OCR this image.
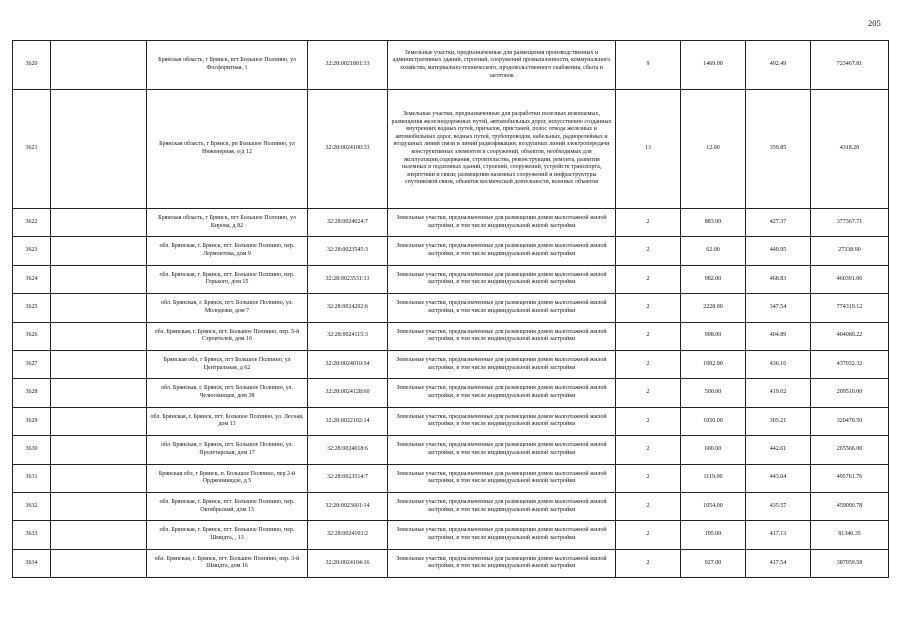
205
3620		Брянская область, г Брянск, пгт Большое Полпино, ул Фосфоритная, 1	32:28:0021801:33	Земельные участки, предназначенные для размещения производственных и административных зданий, строений, сооружений промышленности, коммунального хозяйства, материально-технического, продовольственного снабжения, сбыта и заготовок	9	1469.00	492.49	723467.81
3621		Брянская область, г Брянск, рп Большое Полпино, ул Инженерная, о/д 12	32:28:0024100:33	Земельные участки, предназначенные для разработки полезных ископаемых, размещения железнодорожных путей, автомобильных дорог, искусственно созданных внутренних водных путей, причалов, пристаней, полос отвода железных и автомобильных дорог, водных путей, трубопроводов, кабельных, радиорелейных и воздушных линий связи и линий радиофикации, воздушных линий электропередачи конструктивных элементов и сооружений, объектов, необходимых для эксплуатации,содержания, строительства, реконструкции, ремонта, развития наземных и подземных зданий, строений, сооружений, устройств транспорта, энергетики и связи; размещения наземных сооружений и инфраструктуры спутниковой связи, объектов космической деятельности, военных объектов	13	12.00	359.85	4318.20
3622		Брянская область, г Брянск, пгт Большое Полпино, ул Кирова, д 82	32:28:0024024:7	Земельные участки, предназначенные для размещения домов малоэтажной жилой застройки, в том числе индивидуальной жилой застройки	2	883.00	427.37	377367.71
3623		обл. Брянская, г. Брянск, пгт. Большое Полпино, пер. Лермонтова, дом 9	32:28:0023545:3	Земельные участки, предназначенные для размещения домов малоэтажной жилой застройки, в том числе индивидуальной жилой застройки	2	62.00	440.95	27338.90
3624		обл. Брянская, г. Брянск, пгт. Большое Полпино, пер. Горького, дом 15	32:28:0023531:13	Земельные участки, предназначенные для размещения домов малоэтажной жилой застройки, в том числе индивидуальной жилой застройки	2	982.00	468.83	460391.06
3625		обл. Брянская, г. Брянск, пгт. Большое Полпино, ул. Молодежи, дом 7	32:28:0024202:6	Земельные участки, предназначенные для размещения домов малоэтажной жилой застройки, в том числе индивидуальной жилой застройки	2	2228.00	347.54	774319.12
3626		обл. Брянская, г. Брянск, пгт. Большое Полпино, пер. 5-й Строителей, дом 16	32:28:0024115:3	Земельные участки, предназначенные для размещения домов малоэтажной жилой застройки, в том числе индивидуальной жилой застройки	2	998.00	404.89	404080.22
3627		Брянская обл, г Брянск, пгт Большое Полпино, ул Центральная, д 62	32:28:0024010:34	Земельные участки, предназначенные для размещения домов малоэтажной жилой застройки, в том числе индивидуальной жилой застройки	2	1002.00	436.16	437032.32
3628		обл. Брянская, г. Брянск, пгт. Большое Полпино, ул. Челюскинцев, дом 38	32:28:0024128:60	Земельные участки, предназначенные для размещения домов малоэтажной жилой застройки, в том числе индивидуальной жилой застройки	2	500.00	419.02	209510.00
3629		обл. Брянская, г. Брянск, пгт. Большое Полпино, ул. Лесная, дом 13	32:28:0022102:14	Земельные участки, предназначенные для размещения домов малоэтажной жилой застройки, в том числе индивидуальной жилой застройки	2	1050.00	305.21	320470.50
3630		обл. Брянская, г. Брянск, пгт. Большое Полпино, ул. Пролетарская, дом 17	32:28:0024018:6	Земельные участки, предназначенные для размещения домов малоэтажной жилой застройки, в том числе индивидуальной жилой застройки	2	600.00	442.61	265566.00
3631		Брянская обл, г Брянск, п. Большое Полпино, пер 2-й Орджоникидзе, д 5	32:28:0023514:7	Земельные участки, предназначенные для размещения домов малоэтажной жилой застройки, в том числе индивидуальной жилой застройки	2	1119.00	443.04	495761.76
3632		обл. Брянская, г. Брянск, пгт. Большое Полпино, пер. Октябрьский, дом 13	32:28:0023601:14	Земельные участки, предназначенные для размещения домов малоэтажной жилой застройки, в том числе индивидуальной жилой застройки	2	1054.00	435.57	459090.78
3633		обл. Брянская, г. Брянск, пгт. Большое Полпино, пер. Шмидта, , 13	32:28:0024103:2	Земельные участки, предназначенные для размещения домов малоэтажной жилой застройки, в том числе индивидуальной жилой застройки	2	195.00	417.13	81340.35
3634		обл. Брянская, г. Брянск, пгт. Большое Полпино, пер. 3-й Шмидта, дом 16	32:28:0024104:16	Земельные участки, предназначенные для размещения домов малоэтажной жилой застройки, в том числе индивидуальной жилой застройки	2	927.00	417.54	387059.58
